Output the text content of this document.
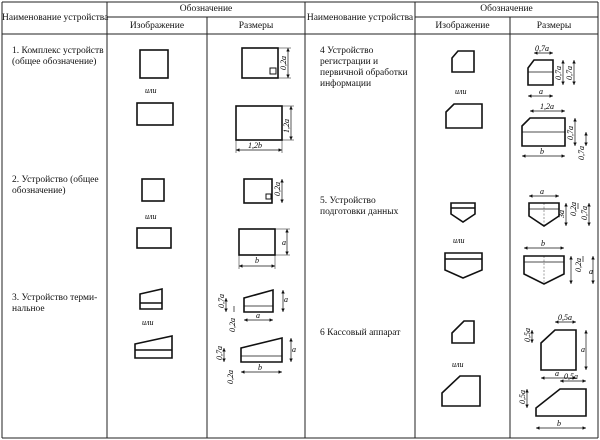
Наименование устройства
Обозначение
Изображение	Размеры
Наименование устройства
Обозначение
Изображение	Размеры
1. Комплекс устройств (общее обозначение)
2. Устройство (общее обозначение)
3. Устройство терми-нальное
4 Устройство регистрации и первичной обработки информации
5. Устройство подготовки данных
6 Кассовый аппарат
или
0,2a
1,2a
1,2b
или
0,2a
a
b
или
a
a
0,7a
0,2a
a
b
0,7a
0,2a
или
0,7a
0,7a 0,7a
a
1,2a
0,7a
0,7a
b
или
a
3a 0,2a 0,7a
b
0,2a a
или
0,5a
0,5a
a
a 0,5a
0,5a
b
